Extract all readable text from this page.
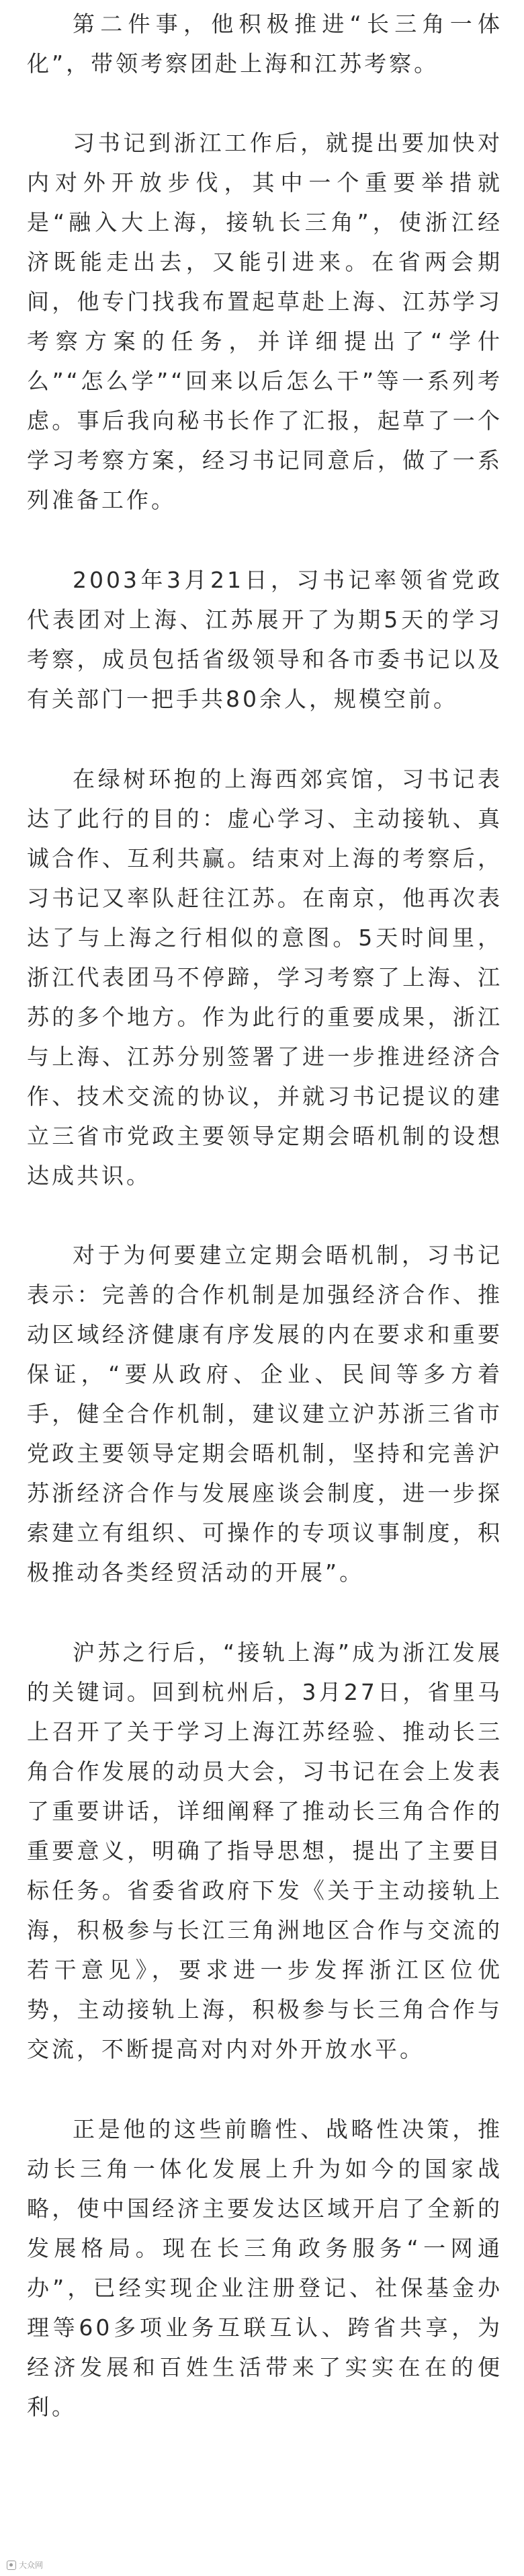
第二件事，他积极推进“长三角一体化”，带领考察团赴上海和江苏考察。

习书记到浙江工作后，就提出要加快对内对外开放步伐，其中一个重要举措就是“融入大上海，接轨长三角”，使浙江经济既能走出去，又能引进来。在省两会期间，他专门找我布置起草赴上海、江苏学习考察方案的任务，并详细提出了“学什么”“怎么学”“回来以后怎么干”等一系列考虑。事后我向秘书长作了汇报，起草了一个学习考察方案，经习书记同意后，做了一系列准备工作。

2003年3月21日，习书记率领省党政代表团对上海、江苏展开了为期5天的学习考察，成员包括省级领导和各市委书记以及有关部门一把手共80余人，规模空前。

在绿树环抱的上海西郊宾馆，习书记表达了此行的目的：虚心学习、主动接轨、真诚合作、互利共赢。结束对上海的考察后，习书记又率队赶往江苏。在南京，他再次表达了与上海之行相似的意图。5天时间里，浙江代表团马不停蹄，学习考察了上海、江苏的多个地方。作为此行的重要成果，浙江与上海、江苏分别签署了进一步推进经济合作、技术交流的协议，并就习书记提议的建立三省市党政主要领导定期会晤机制的设想达成共识。

对于为何要建立定期会晤机制，习书记表示：完善的合作机制是加强经济合作、推动区域经济健康有序发展的内在要求和重要保证，“要从政府、企业、民间等多方着手，健全合作机制，建议建立沪苏浙三省市党政主要领导定期会晤机制，坚持和完善沪苏浙经济合作与发展座谈会制度，进一步探索建立有组织、可操作的专项议事制度，积极推动各类经贸活动的开展”。

沪苏之行后，“接轨上海”成为浙江发展的关键词。回到杭州后，3月27日，省里马上召开了关于学习上海江苏经验、推动长三角合作发展的动员大会，习书记在会上发表了重要讲话，详细阐释了推动长三角合作的重要意义，明确了指导思想，提出了主要目标任务。省委省政府下发《关于主动接轨上海，积极参与长江三角洲地区合作与交流的若干意见》，要求进一步发挥浙江区位优势，主动接轨上海，积极参与长三角合作与交流，不断提高对内对外开放水平。

正是他的这些前瞻性、战略性决策，推动长三角一体化发展上升为如今的国家战略，使中国经济主要发达区域开启了全新的发展格局。现在长三角政务服务“一网通办”，已经实现企业注册登记、社保基金办理等60多项业务互联互认、跨省共享，为经济发展和百姓生活带来了实实在在的便利。

大众网
